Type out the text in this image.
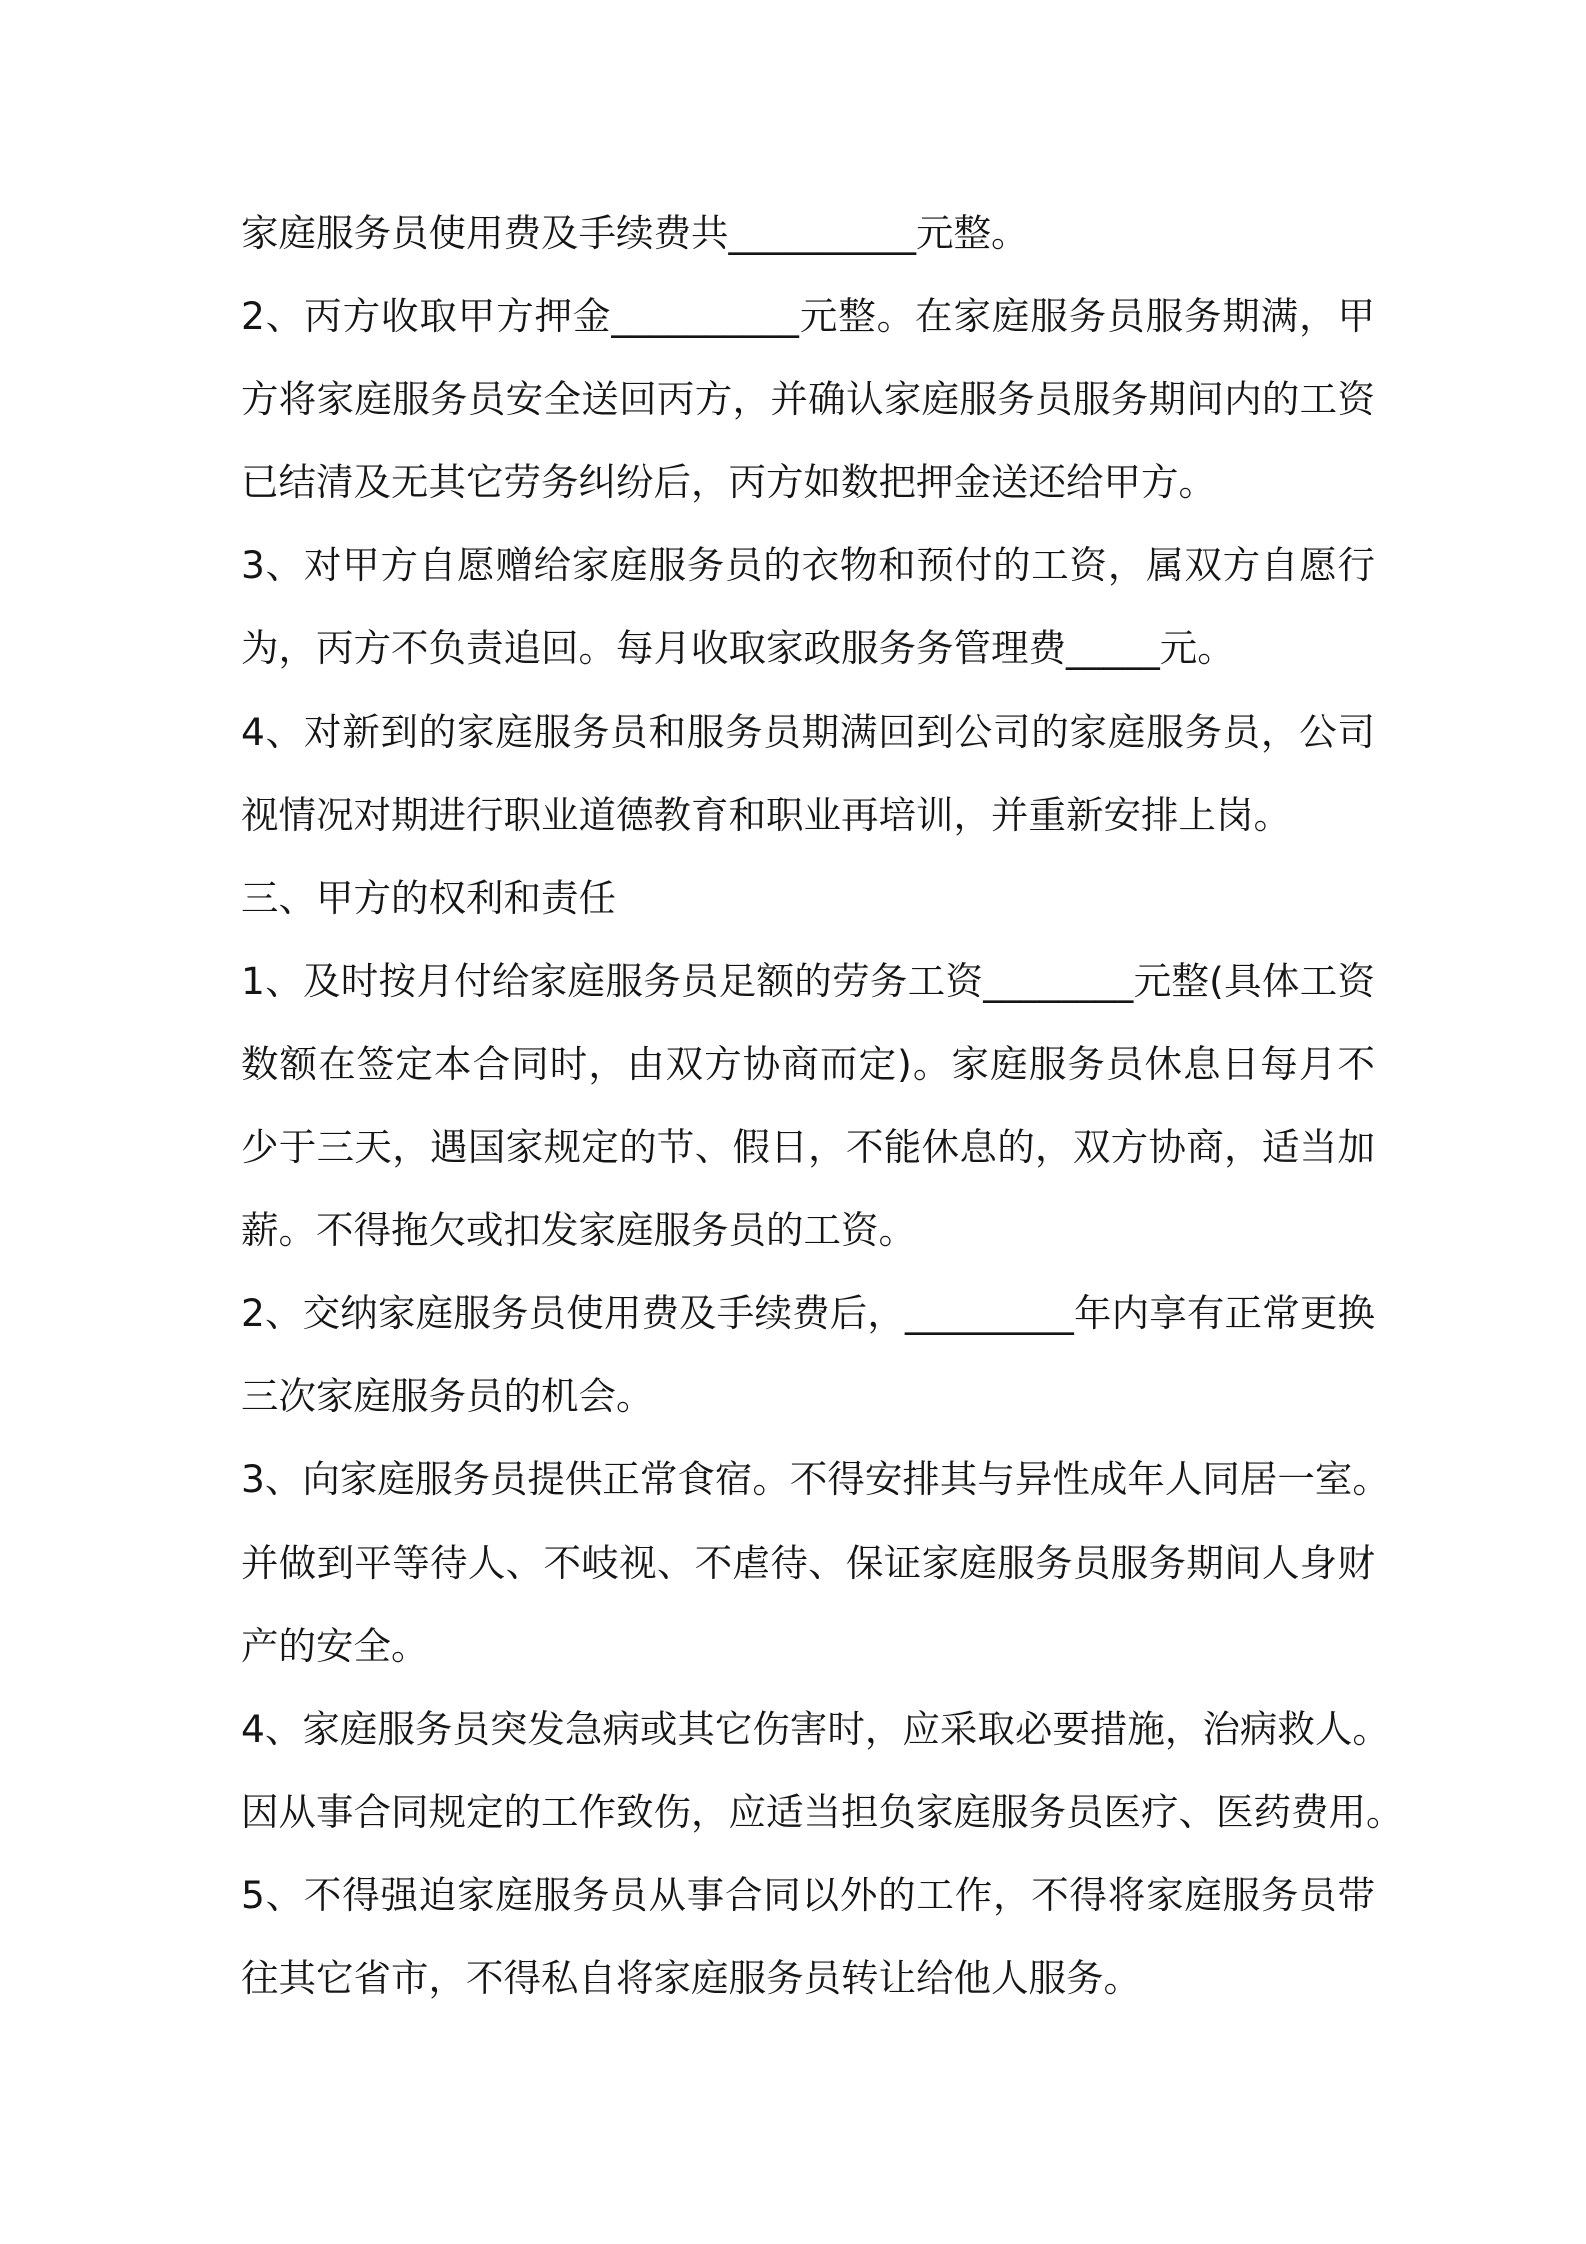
家庭服务员使用费及手续费共__________元整。
2、丙方收取甲方押金__________元整。在家庭服务员服务期满，甲
方将家庭服务员安全送回丙方，并确认家庭服务员服务期间内的工资
已结清及无其它劳务纠纷后，丙方如数把押金送还给甲方。
3、对甲方自愿赠给家庭服务员的衣物和预付的工资，属双方自愿行
为，丙方不负责追回。每月收取家政服务务管理费_____元。
4、对新到的家庭服务员和服务员期满回到公司的家庭服务员，公司
视情况对期进行职业道德教育和职业再培训，并重新安排上岗。
三、甲方的权利和责任
1、及时按月付给家庭服务员足额的劳务工资________元整(具体工资
数额在签定本合同时，由双方协商而定)。家庭服务员休息日每月不
少于三天，遇国家规定的节、假日，不能休息的，双方协商，适当加
薪。不得拖欠或扣发家庭服务员的工资。
2、交纳家庭服务员使用费及手续费后，_________年内享有正常更换
三次家庭服务员的机会。
3、向家庭服务员提供正常食宿。不得安排其与异性成年人同居一室。
并做到平等待人、不岐视、不虐待、保证家庭服务员服务期间人身财
产的安全。
4、家庭服务员突发急病或其它伤害时，应采取必要措施，治病救人。
因从事合同规定的工作致伤，应适当担负家庭服务员医疗、医药费用。
5、不得强迫家庭服务员从事合同以外的工作，不得将家庭服务员带
往其它省市，不得私自将家庭服务员转让给他人服务。
